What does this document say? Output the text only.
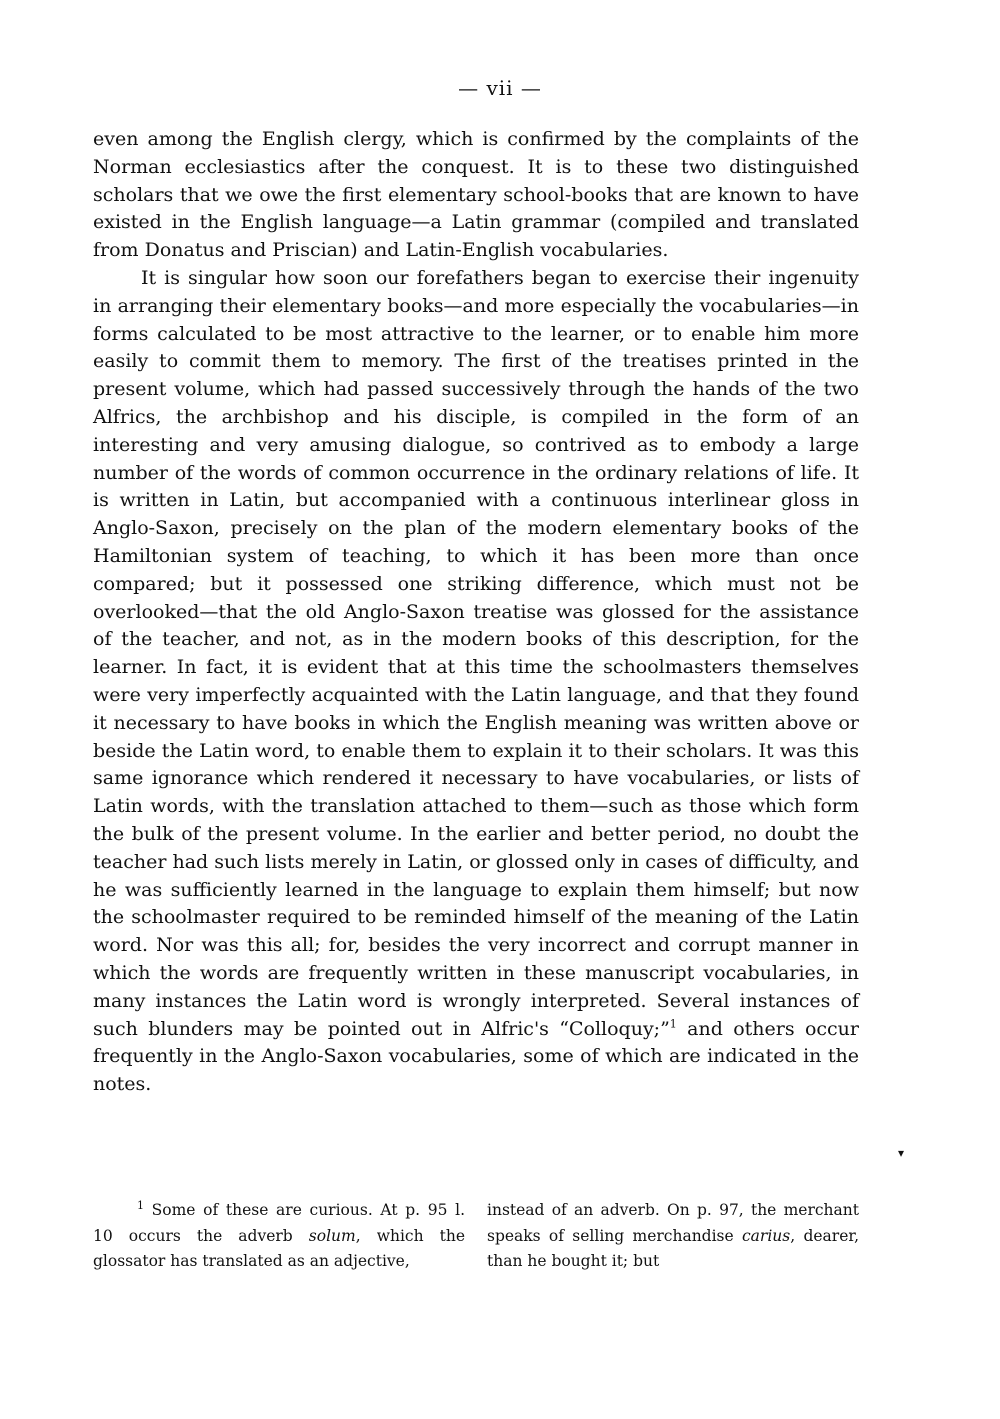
— vii —

even among the English clergy, which is confirmed by the complaints of the Norman ecclesiastics after the conquest. It is to these two distinguished scholars that we owe the first elementary school-books that are known to have existed in the English language—a Latin grammar (compiled and translated from Donatus and Priscian) and Latin-English vocabularies.

It is singular how soon our forefathers began to exercise their ingenuity in arranging their elementary books—and more especially the vocabularies—in forms calculated to be most attractive to the learner, or to enable him more easily to commit them to memory. The first of the treatises printed in the present volume, which had passed successively through the hands of the two Alfrics, the archbishop and his disciple, is compiled in the form of an interesting and very amusing dialogue, so contrived as to embody a large number of the words of common occurrence in the ordinary relations of life. It is written in Latin, but accompanied with a continuous interlinear gloss in Anglo-Saxon, precisely on the plan of the modern elementary books of the Hamiltonian system of teaching, to which it has been more than once compared; but it possessed one striking difference, which must not be overlooked—that the old Anglo-Saxon treatise was glossed for the assistance of the teacher, and not, as in the modern books of this description, for the learner. In fact, it is evident that at this time the schoolmasters themselves were very imperfectly acquainted with the Latin language, and that they found it necessary to have books in which the English meaning was written above or beside the Latin word, to enable them to explain it to their scholars. It was this same ignorance which rendered it necessary to have vocabularies, or lists of Latin words, with the translation attached to them—such as those which form the bulk of the present volume. In the earlier and better period, no doubt the teacher had such lists merely in Latin, or glossed only in cases of difficulty, and he was sufficiently learned in the language to explain them himself; but now the schoolmaster required to be reminded himself of the meaning of the Latin word. Nor was this all; for, besides the very incorrect and corrupt manner in which the words are frequently written in these manuscript vocabularies, in many instances the Latin word is wrongly interpreted. Several instances of such blunders may be pointed out in Alfric's “Colloquy;”$^1$ and others occur frequently in the Anglo-Saxon vocabularies, some of which are indicated in the notes.

▾

$^1$ Some of these are curious. At p. 95 l. 10 occurs the adverb solum, which the glossator has translated as an adjective,

instead of an adverb. On p. 97, the merchant speaks of selling merchandise carius, dearer, than he bought it; but
